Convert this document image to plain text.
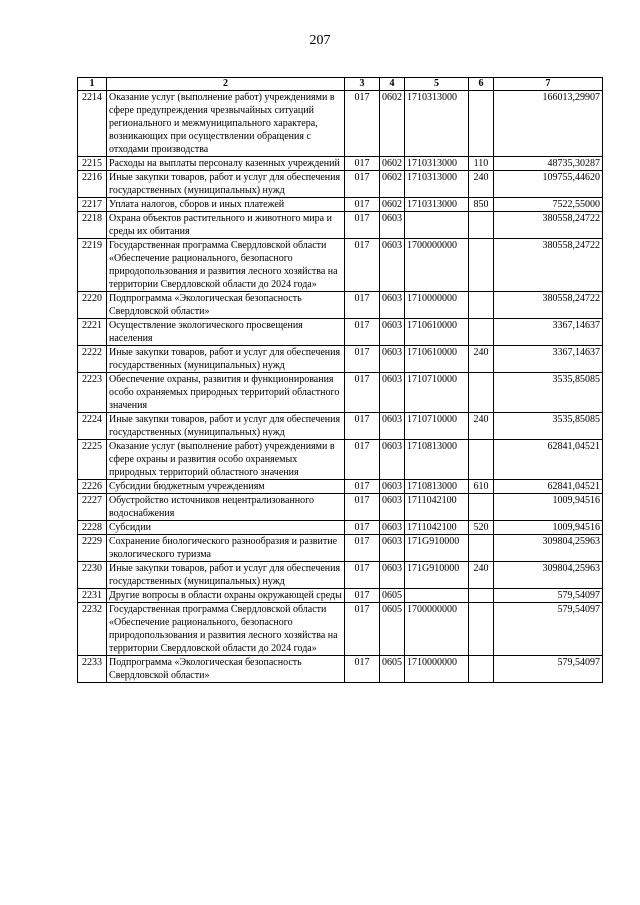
207
1	2	3	4	5	6	7
2214	Оказание услуг (выполнение работ) учреждениями в сфере предупреждения чрезвычайных ситуаций регионального и межмуниципального характера, возникающих при осуществлении обращения с отходами производства	017	0602	1710313000		166013,29907
2215	Расходы на выплаты персоналу казенных учреждений	017	0602	1710313000	110	48735,30287
2216	Иные закупки товаров, работ и услуг для обеспечения государственных (муниципальных) нужд	017	0602	1710313000	240	109755,44620
2217	Уплата налогов, сборов и иных платежей	017	0602	1710313000	850	7522,55000
2218	Охрана объектов растительного и животного мира и среды их обитания	017	0603			380558,24722
2219	Государственная программа Свердловской области «Обеспечение рационального, безопасного природопользования и развития лесного хозяйства на территории Свердловской области до 2024 года»	017	0603	1700000000		380558,24722
2220	Подпрограмма «Экологическая безопасность Свердловской области»	017	0603	1710000000		380558,24722
2221	Осуществление экологического просвещения населения	017	0603	1710610000		3367,14637
2222	Иные закупки товаров, работ и услуг для обеспечения государственных (муниципальных) нужд	017	0603	1710610000	240	3367,14637
2223	Обеспечение охраны, развития и функционирования особо охраняемых природных территорий областного значения	017	0603	1710710000		3535,85085
2224	Иные закупки товаров, работ и услуг для обеспечения государственных (муниципальных) нужд	017	0603	1710710000	240	3535,85085
2225	Оказание услуг (выполнение работ) учреждениями в сфере охраны и развития особо охраняемых природных территорий областного значения	017	0603	1710813000		62841,04521
2226	Субсидии бюджетным учреждениям	017	0603	1710813000	610	62841,04521
2227	Обустройство источников нецентрализованного водоснабжения	017	0603	1711042100		1009,94516
2228	Субсидии	017	0603	1711042100	520	1009,94516
2229	Сохранение биологического разнообразия и развитие экологического туризма	017	0603	171G910000		309804,25963
2230	Иные закупки товаров, работ и услуг для обеспечения государственных (муниципальных) нужд	017	0603	171G910000	240	309804,25963
2231	Другие вопросы в области охраны окружающей среды	017	0605			579,54097
2232	Государственная программа Свердловской области «Обеспечение рационального, безопасного природопользования и развития лесного хозяйства на территории Свердловской области до 2024 года»	017	0605	1700000000		579,54097
2233	Подпрограмма «Экологическая безопасность Свердловской области»	017	0605	1710000000		579,54097
